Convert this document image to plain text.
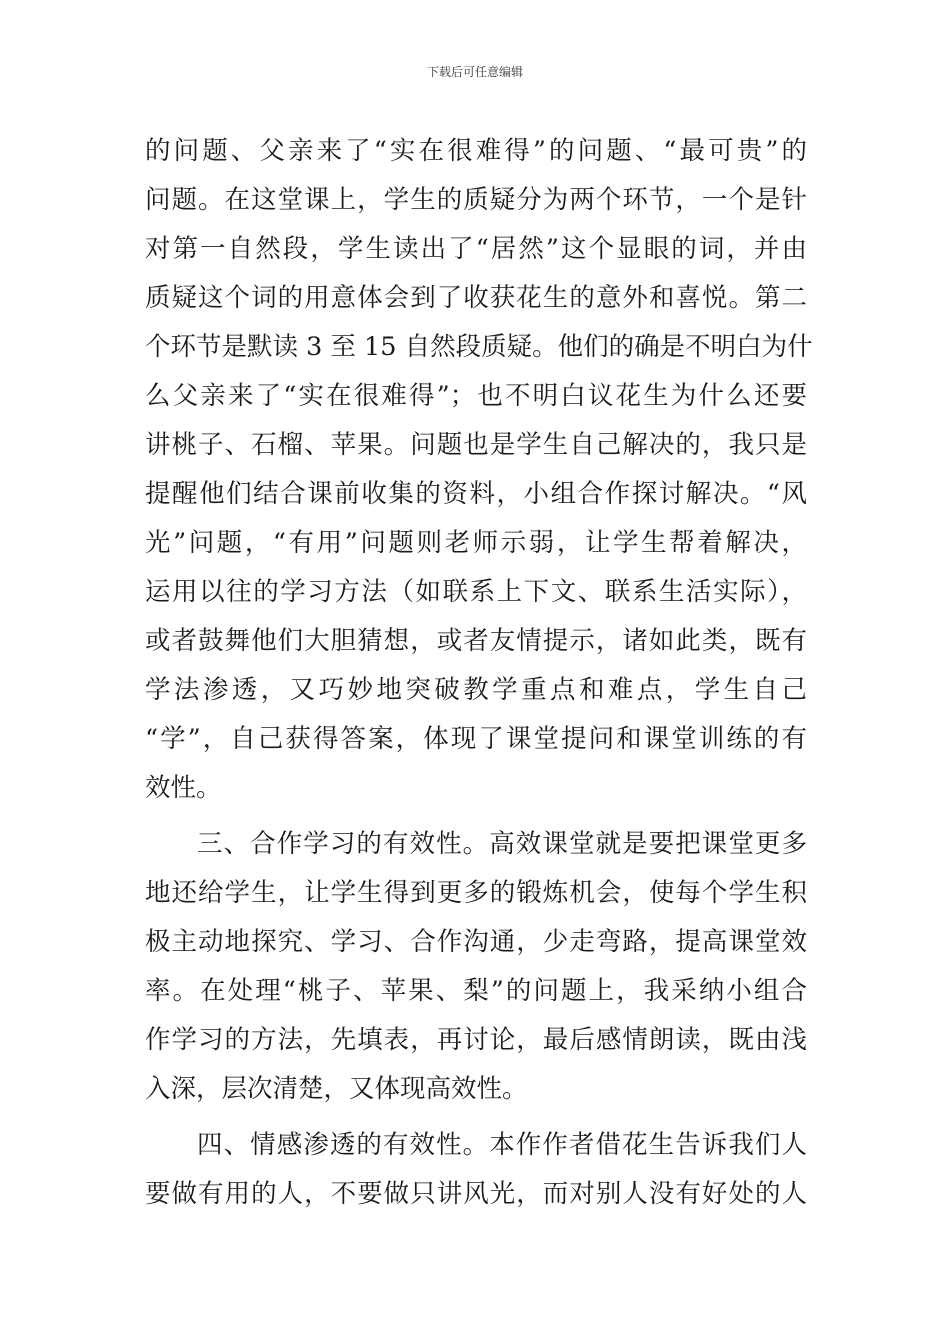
下载后可任意编辑
的问题、父亲来了“实在很难得”的问题、“最可贵”的
问题。在这堂课上，学生的质疑分为两个环节，一个是针
对第一自然段，学生读出了“居然”这个显眼的词，并由
质疑这个词的用意体会到了收获花生的意外和喜悦。第二
个环节是默读 3 至 15 自然段质疑。他们的确是不明白为什
么父亲来了“实在很难得”；也不明白议花生为什么还要
讲桃子、石榴、苹果。问题也是学生自己解决的，我只是
提醒他们结合课前收集的资料，小组合作探讨解决。“风
光”问题，“有用”问题则老师示弱，让学生帮着解决，
运用以往的学习方法（如联系上下文、联系生活实际），
或者鼓舞他们大胆猜想，或者友情提示，诸如此类，既有
学法渗透，又巧妙地突破教学重点和难点，学生自己
“学”，自己获得答案，体现了课堂提问和课堂训练的有
效性。
三、合作学习的有效性。高效课堂就是要把课堂更多
地还给学生，让学生得到更多的锻炼机会，使每个学生积
极主动地探究、学习、合作沟通，少走弯路，提高课堂效
率。在处理“桃子、苹果、梨”的问题上，我采纳小组合
作学习的方法，先填表，再讨论，最后感情朗读，既由浅
入深，层次清楚，又体现高效性。
四、情感渗透的有效性。本作作者借花生告诉我们人
要做有用的人，不要做只讲风光，而对别人没有好处的人
